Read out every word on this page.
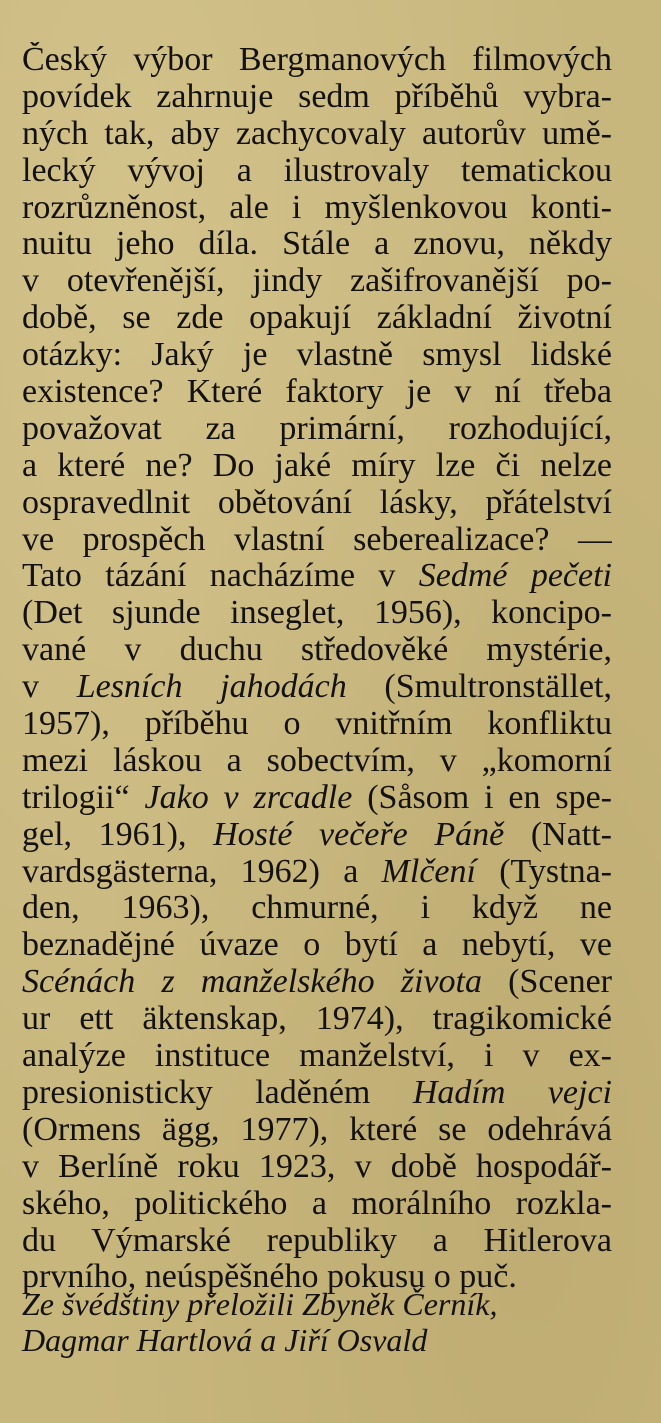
Český výbor Bergmanových filmových
povídek zahrnuje sedm příběhů vybra-
ných tak, aby zachycovaly autorův umě-
lecký vývoj a ilustrovaly tematickou
rozrůzněnost, ale i myšlenkovou konti-
nuitu jeho díla. Stále a znovu, někdy
v otevřenější, jindy zašifrovanější po-
době, se zde opakují základní životní
otázky: Jaký je vlastně smysl lidské
existence? Které faktory je v ní třeba
považovat za primární, rozhodující,
a které ne? Do jaké míry lze či nelze
ospravedlnit obětování lásky, přátelství
ve prospěch vlastní seberealizace? —
Tato tázání nacházíme v Sedmé pečeti
(Det sjunde inseglet, 1956), koncipo-
vané v duchu středověké mystérie,
v Lesních jahodách (Smultronstället,
1957), příběhu o vnitřním konfliktu
mezi láskou a sobectvím, v „komorní
trilogii“ Jako v zrcadle (Såsom i en spe-
gel, 1961), Hosté večeře Páně (Natt-
vardsgästerna, 1962) a Mlčení (Tystna-
den, 1963), chmurné, i když ne
beznadějné úvaze o bytí a nebytí, ve
Scénách z manželského života (Scener
ur ett äktenskap, 1974), tragikomické
analýze instituce manželství, i v ex-
presionisticky laděném Hadím vejci
(Ormens ägg, 1977), které se odehrává
v Berlíně roku 1923, v době hospodář-
ského, politického a morálního rozkla-
du Výmarské republiky a Hitlerova
prvního, neúspěšného pokusu o puč.
Ze švédštiny přeložili Zbyněk Černík,
Dagmar Hartlová a Jiří Osvald
